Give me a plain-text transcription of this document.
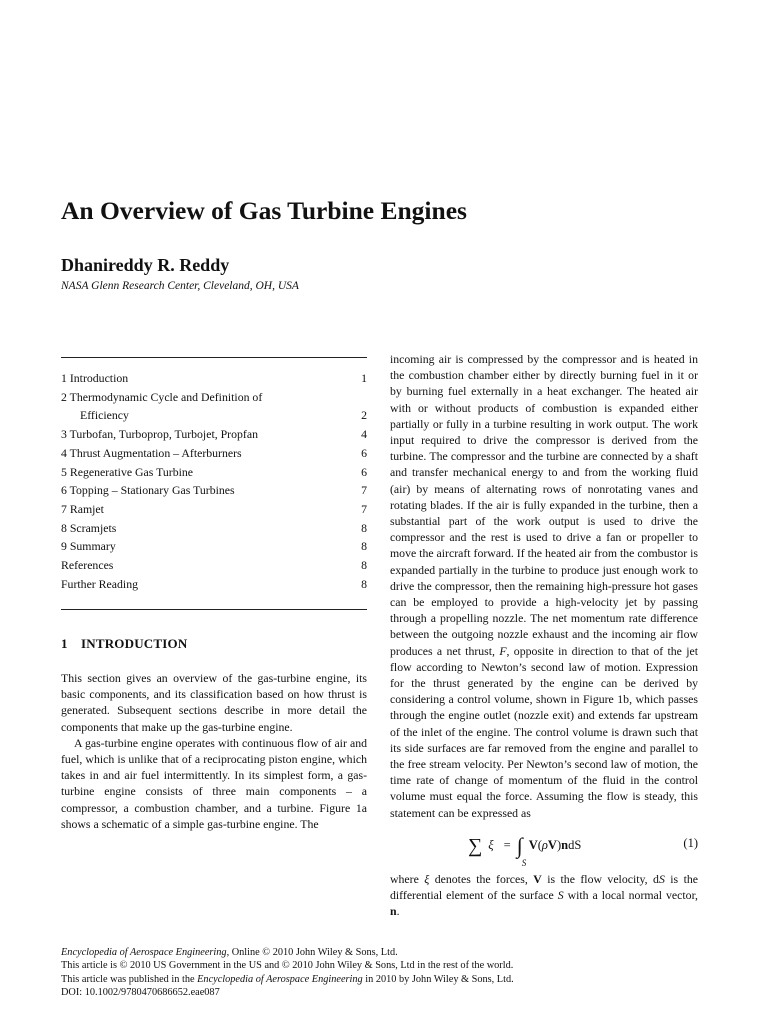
An Overview of Gas Turbine Engines
Dhanireddy R. Reddy
NASA Glenn Research Center, Cleveland, OH, USA
1 Introduction	1
2 Thermodynamic Cycle and Definition of
Efficiency	2
3 Turbofan, Turboprop, Turbojet, Propfan	4
4 Thrust Augmentation – Afterburners	6
5 Regenerative Gas Turbine	6
6 Topping – Stationary Gas Turbines	7
7 Ramjet	7
8 Scramjets	8
9 Summary	8
References	8
Further Reading	8
1 INTRODUCTION

This section gives an overview of the gas-turbine engine, its basic components, and its classification based on how thrust is generated. Subsequent sections describe in more detail the components that make up the gas-turbine engine.

A gas-turbine engine operates with continuous flow of air and fuel, which is unlike that of a reciprocating piston engine, which takes in and air fuel intermittently. In its simplest form, a gas-turbine engine consists of three main components – a compressor, a combustion chamber, and a turbine. Figure 1a shows a schematic of a simple gas-turbine engine. The

incoming air is compressed by the compressor and is heated in the combustion chamber either by directly burning fuel in it or by burning fuel externally in a heat exchanger. The heated air with or without products of combustion is expanded either partially or fully in a turbine resulting in work output. The work input required to drive the compressor is derived from the turbine. The compressor and the turbine are connected by a shaft and transfer mechanical energy to and from the working fluid (air) by means of alternating rows of nonrotating vanes and rotating blades. If the air is fully expanded in the turbine, then a substantial part of the work output is used to drive the compressor and the rest is used to drive a fan or propeller to move the aircraft forward. If the heated air from the combustor is expanded partially in the turbine to produce just enough work to drive the compressor, then the remaining high-pressure hot gases can be employed to provide a high-velocity jet by passing through a propelling nozzle. The net momentum rate difference between the outgoing nozzle exhaust and the incoming air flow produces a net thrust, F, opposite in direction to that of the jet flow according to Newton’s second law of motion. Expression for the thrust generated by the engine can be derived by considering a control volume, shown in Figure 1b, which passes through the engine outlet (nozzle exit) and extends far upstream of the inlet of the engine. The control volume is drawn such that its side surfaces are far removed from the engine and parallel to the free stream velocity. Per Newton’s second law of motion, the time rate of change of momentum of the fluid in the control volume must equal the force. Assuming the flow is steady, this statement can be expressed as

∑ ξ = ∫
S
V(ρV)ndS	(1)

where ξ denotes the forces, V is the flow velocity, dS is the differential element of the surface S with a local normal vector, n.

Encyclopedia of Aerospace Engineering, Online © 2010 John Wiley & Sons, Ltd.
This article is © 2010 US Government in the US and © 2010 John Wiley & Sons, Ltd in the rest of the world.
This article was published in the Encyclopedia of Aerospace Engineering in 2010 by John Wiley & Sons, Ltd.
DOI: 10.1002/9780470686652.eae087
